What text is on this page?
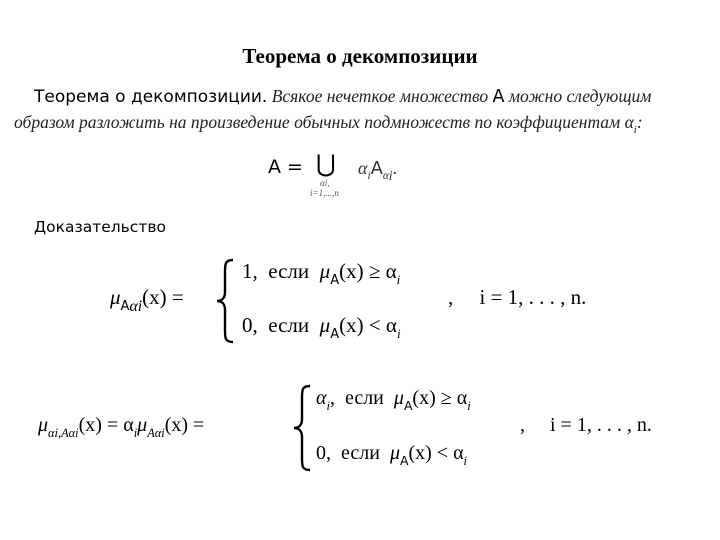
Теорема о декомпозиции
Теорема о декомпозиции. Всякое нечеткое множество A можно следующим образом разложить на произведение обычных подмножеств по коэффициентам $\alpha_i$:
A = ⋃
αi,
i=1,...,n
$\alpha_iA_{\alpha i}$.
Доказательство
$\mu_{A\alpha i}(x)$ =
1, если $\mu_A(x) \ge \alpha_i$
0, если $\mu_A(x) < \alpha_i$
,     i = 1, . . . , n.
$\mu_{\alpha i,A\alpha i}(x) = \alpha_i\mu_{A\alpha i}(x)$ =
$\alpha_i$, если $\mu_A(x) \ge \alpha_i$
0, если $\mu_A(x) < \alpha_i$
,     i = 1, . . . , n.
